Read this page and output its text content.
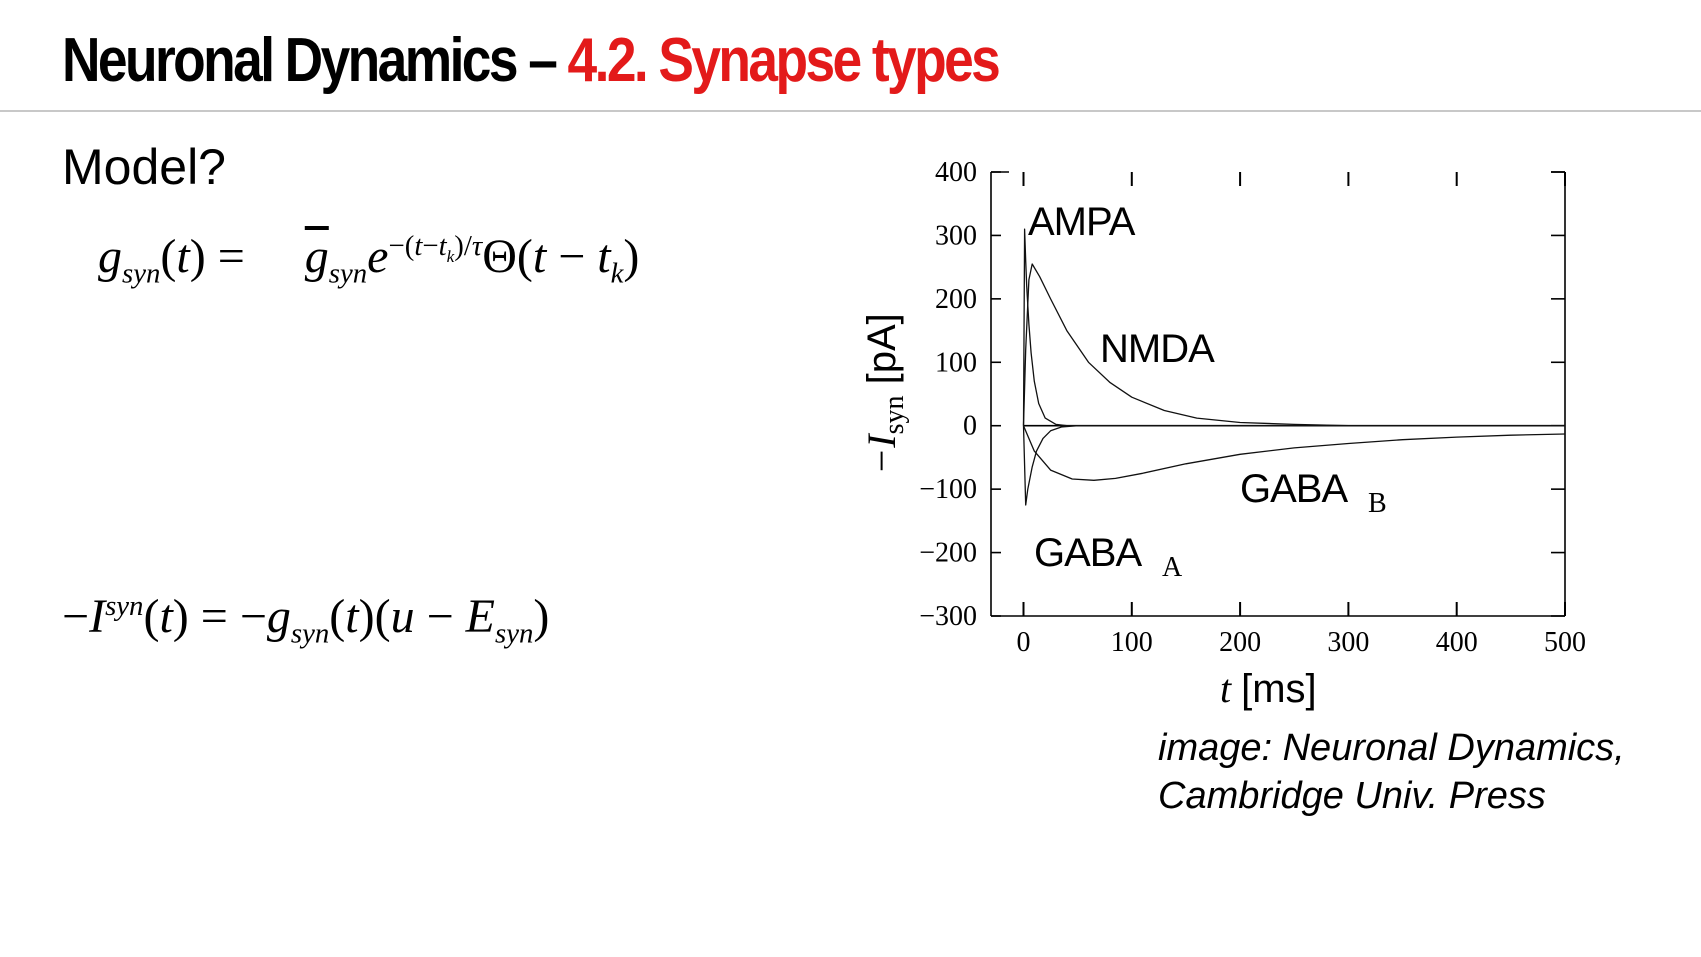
Neuronal Dynamics – 4.2. Synapse types
Model?
$g_{syn}(t)$ =     $\overline{g}_{syn}e^{-(t-t_k)/\tau}\Theta(t - t_k)$
$-I^{syn}(t) = -g_{syn}(t)(u - E_{syn})$	0	100 200 300 400 500
400
300
200
100
0
−100
−200
−300
AMPA
NMDA
GABA A
GABA B
t [ms]
$-I_{syn}$ [pA]
image: Neuronal Dynamics,
Cambridge Univ. Press
